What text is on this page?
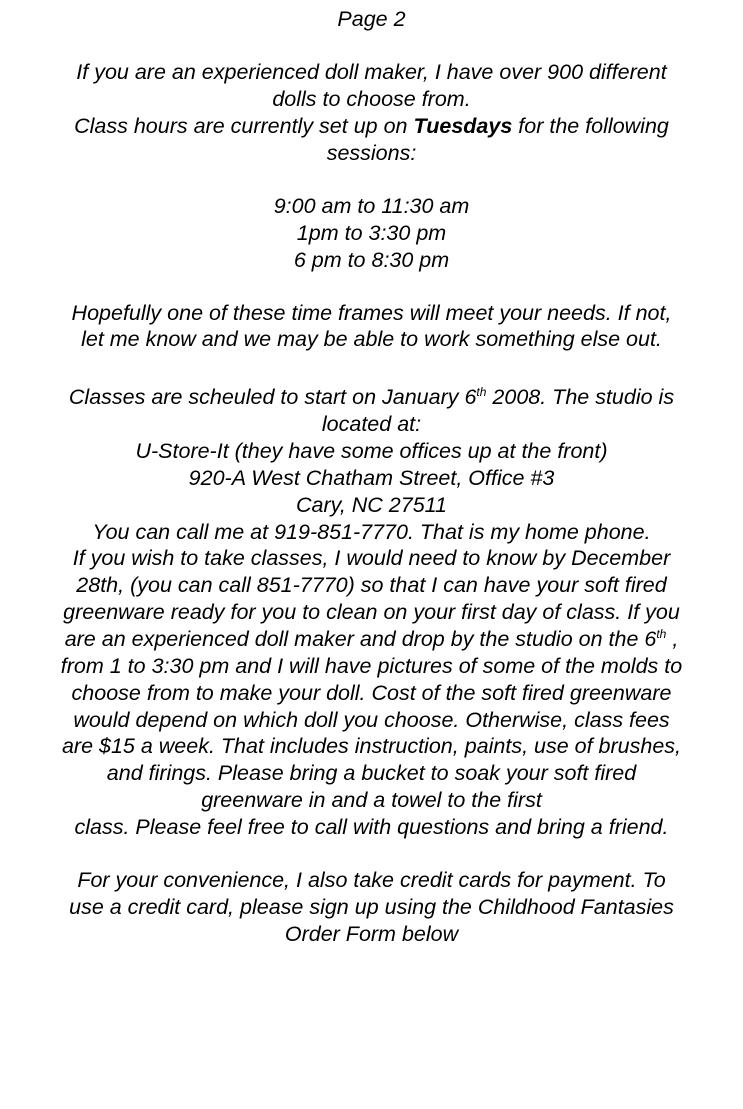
Page 2
If you are an experienced doll maker, I have over 900 different
dolls to choose from.
Class hours are currently set up on Tuesdays for the following
sessions:
9:00 am to 11:30 am
1pm to 3:30 pm
6 pm to 8:30 pm
Hopefully one of these time frames will meet your needs. If not,
let me know and we may be able to work something else out.
Classes are scheuled to start on January 6th 2008. The studio is
located at:
U-Store-It (they have some offices up at the front)
920-A West Chatham Street, Office #3
Cary, NC 27511
You can call me at 919-851-7770. That is my home phone.
If you wish to take classes, I would need to know by December
28th, (you can call 851-7770) so that I can have your soft fired
greenware ready for you to clean on your first day of class. If you
are an experienced doll maker and drop by the studio on the 6th ,
from 1 to 3:30 pm and I will have pictures of some of the molds to
choose from to make your doll. Cost of the soft fired greenware
would depend on which doll you choose. Otherwise, class fees
are $15 a week. That includes instruction, paints, use of brushes,
and firings. Please bring a bucket to soak your soft fired
greenware in and a towel to the first
class. Please feel free to call with questions and bring a friend.
For your convenience, I also take credit cards for payment. To
use a credit card, please sign up using the Childhood Fantasies
Order Form below
